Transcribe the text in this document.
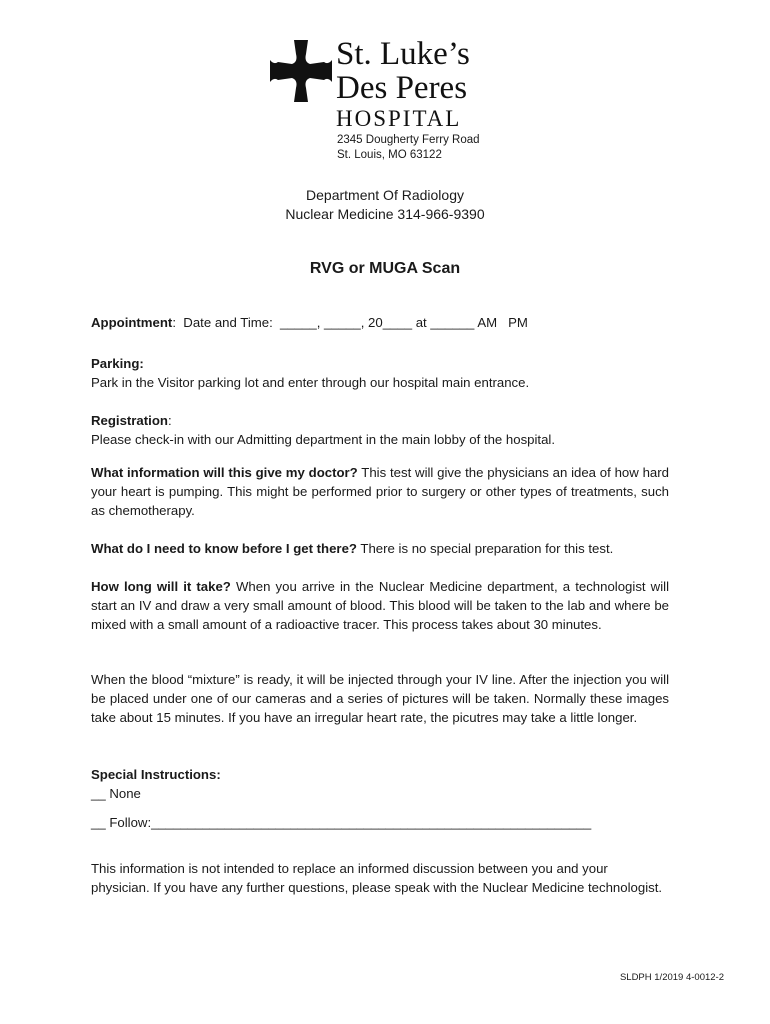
St. Luke’s
Des Peres
HOSPITAL
2345 Dougherty Ferry Road
St. Louis, MO 63122
Department Of Radiology
Nuclear Medicine 314-966-9390
RVG or MUGA Scan
Appointment:  Date and Time:  _____, _____, 20____ at ______ AM   PM
Parking:
Park in the Visitor parking lot and enter through our hospital main entrance.
Registration:
Please check-in with our Admitting department in the main lobby of the hospital.
What information will this give my doctor? This test will give the physicians an idea of how hard your heart is pumping. This might be performed prior to surgery or other types of treatments, such as chemotherapy.
What do I need to know before I get there? There is no special preparation for this test.
How long will it take? When you arrive in the Nuclear Medicine department, a technologist will start an IV and draw a very small amount of blood. This blood will be taken to the lab and where be mixed with a small amount of a radioactive tracer. This process takes about 30 minutes.
When the blood “mixture” is ready, it will be injected through your IV line. After the injection you will be placed under one of our cameras and a series of pictures will be taken. Normally these images take about 15 minutes. If you have an irregular heart rate, the picutres may take a little longer.
Special Instructions:
__ None
__ Follow:____________________________________________________________
This information is not intended to replace an informed discussion between you and your physician. If you have any further questions, please speak with the Nuclear Medicine technologist.
SLDPH 1/2019 4-0012-2
